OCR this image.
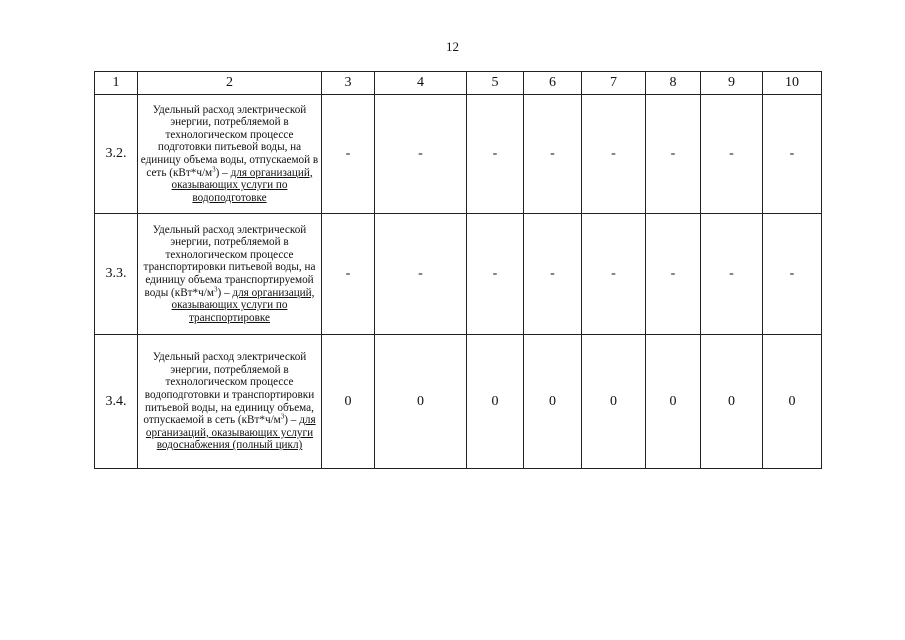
12
1	2	3	4	5	6	7	8	9	10
3.2.	Удельный расход электрической энергии, потребляемой в технологическом процессе подготовки питьевой воды, на единицу объема воды, отпускаемой в сеть $(кВт*ч/м^3)$ – для организаций, оказывающих услуги по водоподготовке	-	-	-	-	-	-	-	-
3.3.	Удельный расход электрической энергии, потребляемой в технологическом процессе транспортировки питьевой воды, на единицу объема транспортируемой воды $(кВт*ч/м^3)$ – для организаций, оказывающих услуги по транспортировке	-	-	-	-	-	-	-	-
3.4.	Удельный расход электрической энергии, потребляемой в технологическом процессе водоподготовки и транспортировки питьевой воды, на единицу объема, отпускаемой в сеть $(кВт*ч/м^3)$ – для организаций, оказывающих услуги водоснабжения (полный цикл)	0	0	0	0	0	0	0	0
